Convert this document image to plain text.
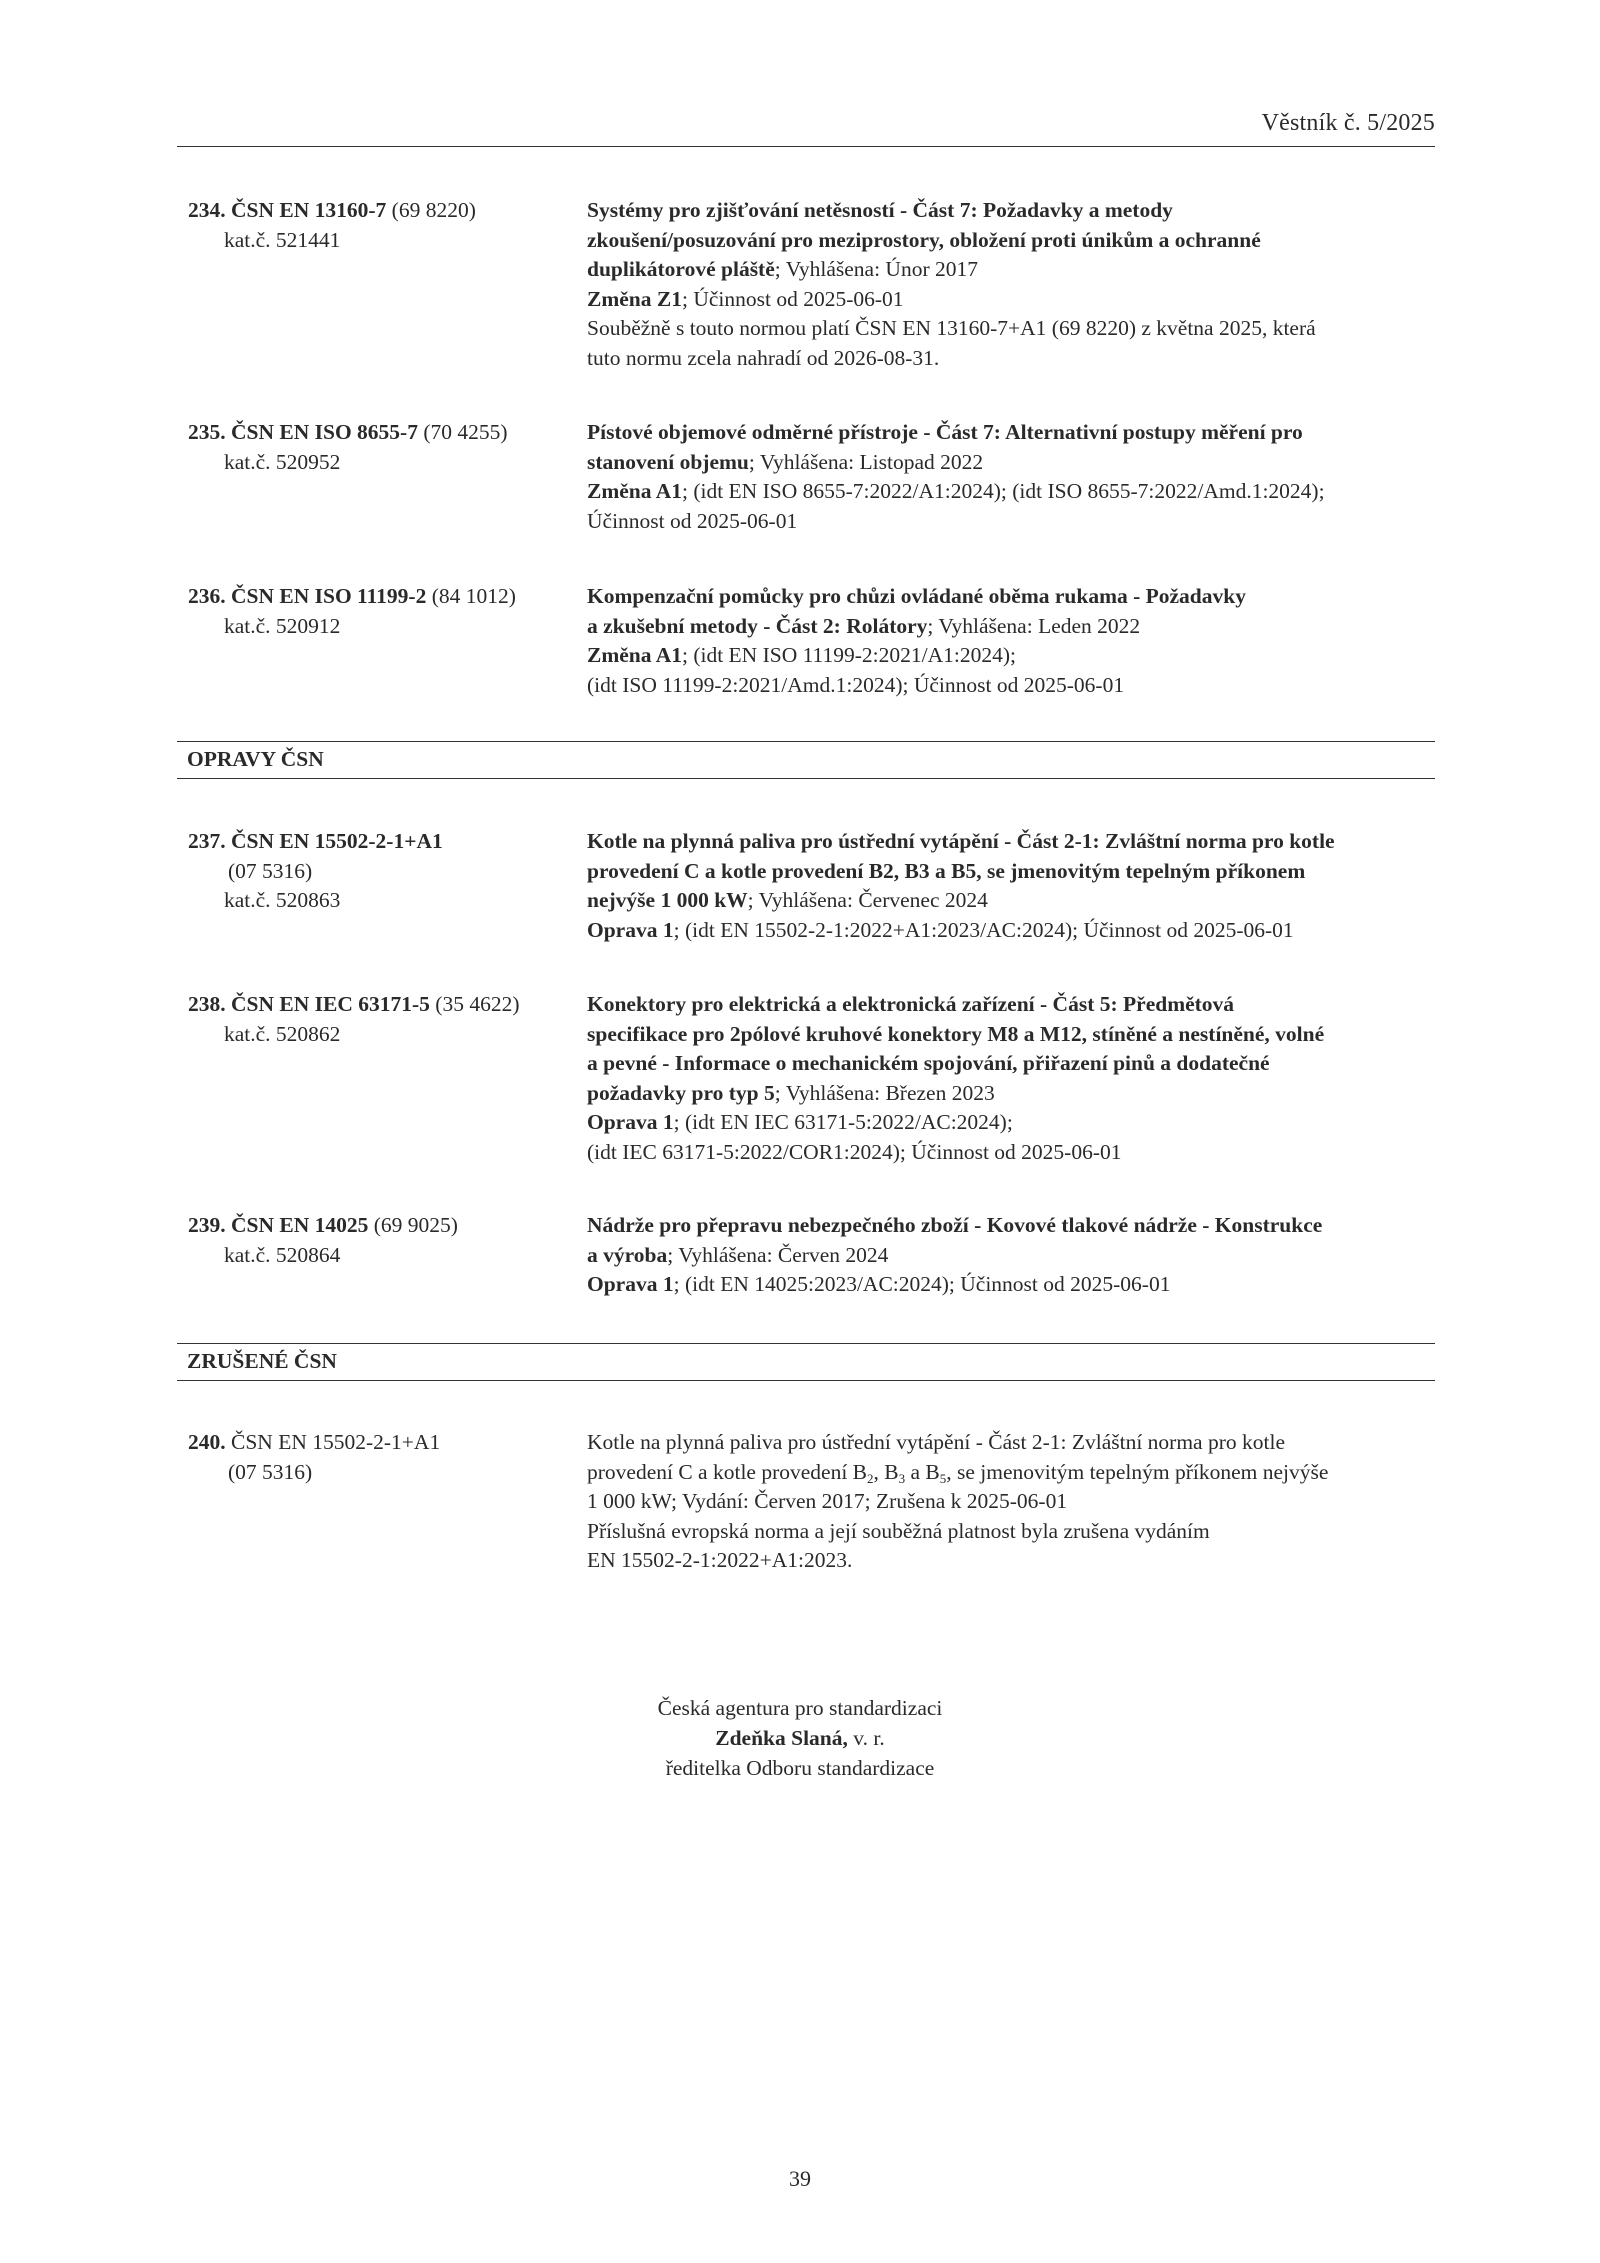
Věstník č. 5/2025
234. ČSN EN 13160-7 (69 8220)
kat.č. 521441
Systémy pro zjišťování netěsností - Část 7: Požadavky a metody
zkoušení/posuzování pro meziprostory, obložení proti únikům a ochranné
duplikátorové pláště; Vyhlášena: Únor 2017
Změna Z1; Účinnost od 2025-06-01
Souběžně s touto normou platí ČSN EN 13160-7+A1 (69 8220) z května 2025, která
tuto normu zcela nahradí od 2026-08-31.
235. ČSN EN ISO 8655-7 (70 4255)
kat.č. 520952
Pístové objemové odměrné přístroje - Část 7: Alternativní postupy měření pro
stanovení objemu; Vyhlášena: Listopad 2022
Změna A1; (idt EN ISO 8655-7:2022/A1:2024); (idt ISO 8655-7:2022/Amd.1:2024);
Účinnost od 2025-06-01
236. ČSN EN ISO 11199-2 (84 1012)
kat.č. 520912
Kompenzační pomůcky pro chůzi ovládané oběma rukama - Požadavky
a zkušební metody - Část 2: Rolátory; Vyhlášena: Leden 2022
Změna A1; (idt EN ISO 11199-2:2021/A1:2024);
(idt ISO 11199-2:2021/Amd.1:2024); Účinnost od 2025-06-01
OPRAVY ČSN
237. ČSN EN 15502-2-1+A1
(07 5316)
kat.č. 520863
Kotle na plynná paliva pro ústřední vytápění - Část 2-1: Zvláštní norma pro kotle
provedení C a kotle provedení B2, B3 a B5, se jmenovitým tepelným příkonem
nejvýše 1 000 kW; Vyhlášena: Červenec 2024
Oprava 1; (idt EN 15502-2-1:2022+A1:2023/AC:2024); Účinnost od 2025-06-01
238. ČSN EN IEC 63171-5 (35 4622)
kat.č. 520862
Konektory pro elektrická a elektronická zařízení - Část 5: Předmětová
specifikace pro 2pólové kruhové konektory M8 a M12, stíněné a nestíněné, volné
a pevné - Informace o mechanickém spojování, přiřazení pinů a dodatečné
požadavky pro typ 5; Vyhlášena: Březen 2023
Oprava 1; (idt EN IEC 63171-5:2022/AC:2024);
(idt IEC 63171-5:2022/COR1:2024); Účinnost od 2025-06-01
239. ČSN EN 14025 (69 9025)
kat.č. 520864
Nádrže pro přepravu nebezpečného zboží - Kovové tlakové nádrže - Konstrukce
a výroba; Vyhlášena: Červen 2024
Oprava 1; (idt EN 14025:2023/AC:2024); Účinnost od 2025-06-01
ZRUŠENÉ ČSN
240. ČSN EN 15502-2-1+A1
(07 5316)
Kotle na plynná paliva pro ústřední vytápění - Část 2-1: Zvláštní norma pro kotle
provedení C a kotle provedení $B_2$, $B_3$ a $B_5$, se jmenovitým tepelným příkonem nejvýše
1 000 kW; Vydání: Červen 2017; Zrušena k 2025-06-01
Příslušná evropská norma a její souběžná platnost byla zrušena vydáním
EN 15502-2-1:2022+A1:2023.
Česká agentura pro standardizaci
Zdeňka Slaná, v. r.
ředitelka Odboru standardizace
39
